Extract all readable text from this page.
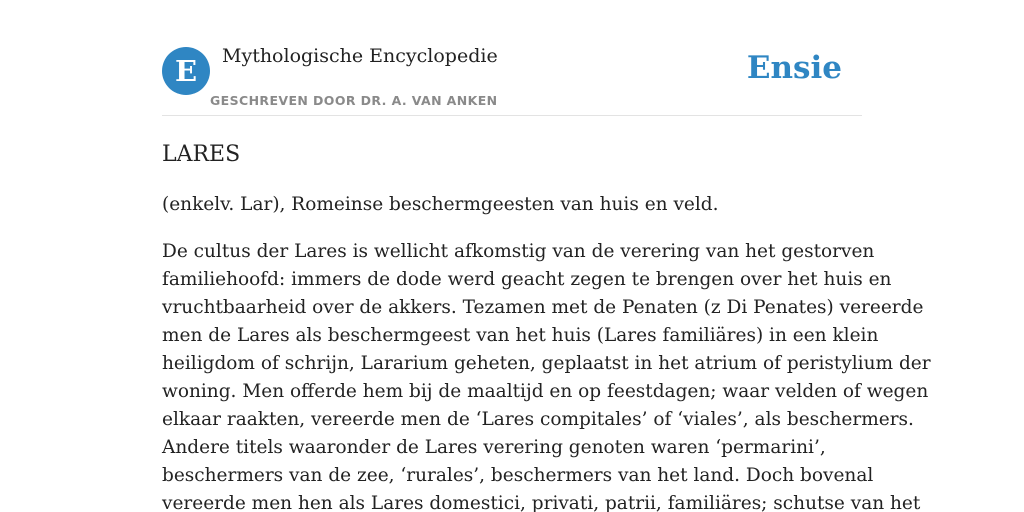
E	Mythologische Encyclopedie
GESCHREVEN DOOR DR. A. VAN ANKEN
Ensie
LARES

(enkelv. Lar), Romeinse beschermgeesten van huis en veld.

De cultus der Lares is wellicht afkomstig van de verering van het gestorven
familiehoofd: immers de dode werd geacht zegen te brengen over het huis en
vruchtbaarheid over de akkers. Tezamen met de Penaten (z Di Penates) vereerde
men de Lares als beschermgeest van het huis (Lares familiäres) in een klein
heiligdom of schrijn, Lararium geheten, geplaatst in het atrium of peristylium der
woning. Men offerde hem bij de maaltijd en op feestdagen; waar velden of wegen
elkaar raakten, vereerde men de ‘Lares compitales’ of ‘viales’, als beschermers.
Andere titels waaronder de Lares verering genoten waren ‘permarini’,
beschermers van de zee, ‘rurales’, beschermers van het land. Doch bovenal
vereerde men hen als Lares domestici, privati, patrii, familiäres; schutse van het
